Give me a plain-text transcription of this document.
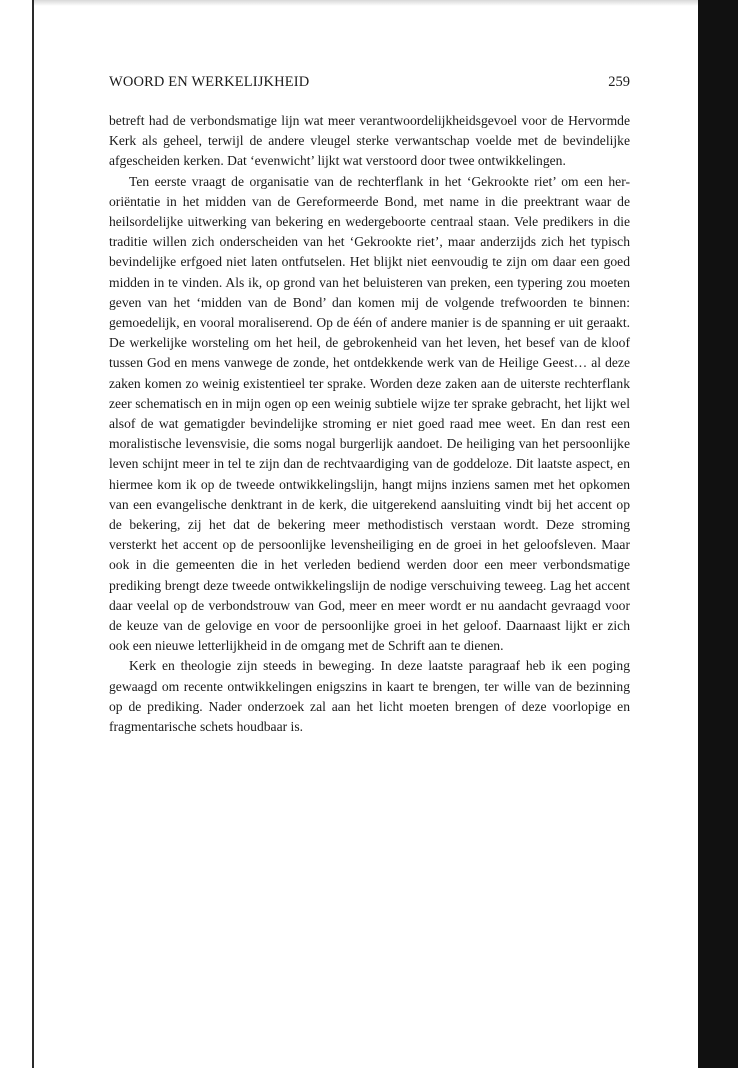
WOORD EN WERKELIJKHEID	259

betreft had de verbondsmatige lijn wat meer verantwoordelijkheidsgevoel voor de Hervormde Kerk als geheel, terwijl de andere vleugel sterke verwantschap voelde met de bevindelijke afgescheiden kerken. Dat ‘evenwicht’ lijkt wat verstoord door twee ontwikkelingen.

Ten eerste vraagt de organisatie van de rechterflank in het ‘Gekrookte riet’ om een her-oriëntatie in het midden van de Gereformeerde Bond, met name in die preektrant waar de heilsordelijke uitwerking van bekering en wedergeboorte centraal staan. Vele predikers in die traditie willen zich onderscheiden van het ‘Gekrookte riet’, maar anderzijds zich het typisch bevindelijke erfgoed niet laten ontfutselen. Het blijkt niet eenvoudig te zijn om daar een goed midden in te vinden. Als ik, op grond van het beluisteren van preken, een typering zou moeten geven van het ‘midden van de Bond’ dan komen mij de volgende trefwoorden te binnen: gemoedelijk, en vooral moraliserend. Op de één of andere manier is de spanning er uit geraakt. De werkelijke worsteling om het heil, de gebrokenheid van het leven, het besef van de kloof tussen God en mens vanwege de zonde, het ontdekkende werk van de Heilige Geest… al deze zaken komen zo weinig existentieel ter sprake. Worden deze zaken aan de uiterste rechterflank zeer schematisch en in mijn ogen op een weinig subtiele wijze ter sprake gebracht, het lijkt wel alsof de wat gematigder bevindelijke stroming er niet goed raad mee weet. En dan rest een moralistische levensvisie, die soms nogal burgerlijk aandoet. De heiliging van het persoonlijke leven schijnt meer in tel te zijn dan de rechtvaardiging van de goddeloze. Dit laatste aspect, en hiermee kom ik op de tweede ontwikkelingslijn, hangt mijns inziens samen met het opkomen van een evangelische denktrant in de kerk, die uitgerekend aansluiting vindt bij het accent op de bekering, zij het dat de bekering meer methodistisch verstaan wordt. Deze stroming versterkt het accent op de persoonlijke levensheiliging en de groei in het geloofsleven. Maar ook in die gemeenten die in het verleden bediend werden door een meer verbondsmatige prediking brengt deze tweede ontwikkelingslijn de nodige verschuiving teweeg. Lag het accent daar veelal op de verbondstrouw van God, meer en meer wordt er nu aandacht gevraagd voor de keuze van de gelovige en voor de persoonlijke groei in het geloof. Daarnaast lijkt er zich ook een nieuwe letterlijkheid in de omgang met de Schrift aan te dienen.

Kerk en theologie zijn steeds in beweging. In deze laatste paragraaf heb ik een poging gewaagd om recente ontwikkelingen enigszins in kaart te brengen, ter wille van de bezinning op de prediking. Nader onderzoek zal aan het licht moeten brengen of deze voorlopige en fragmentarische schets houdbaar is.
